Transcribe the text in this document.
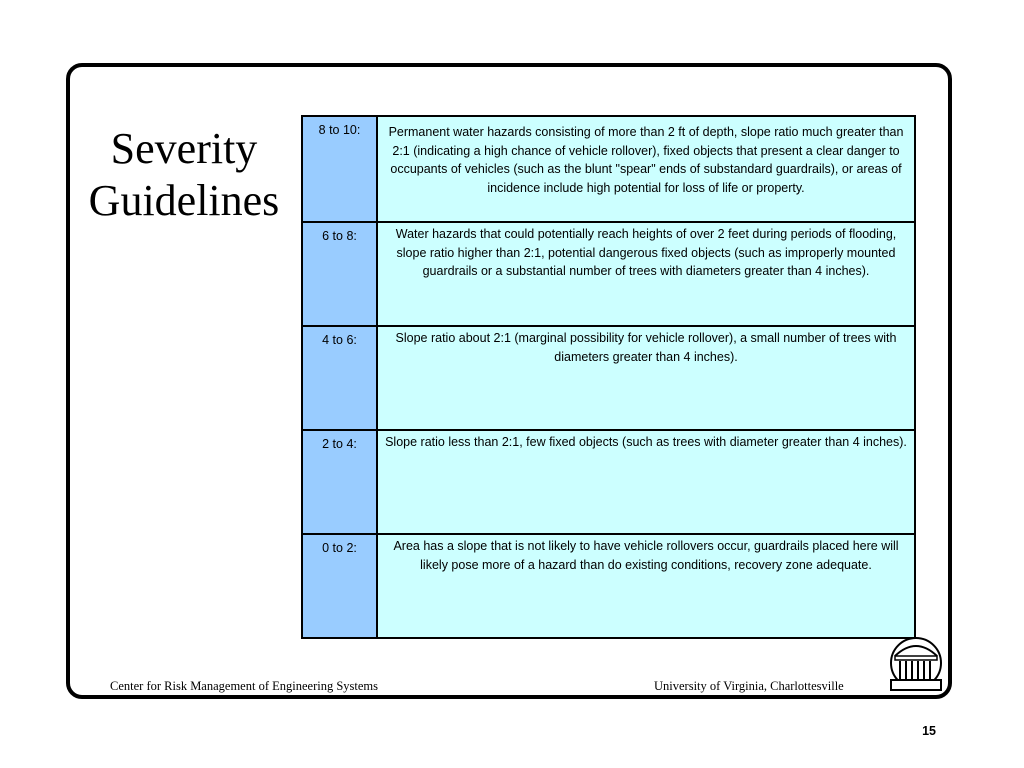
Severity
Guidelines
8 to 10:	Permanent water hazards consisting of more than 2 ft of depth, slope ratio much greater than 2:1 (indicating a high chance of vehicle rollover), fixed objects that present a clear danger to occupants of vehicles (such as the blunt "spear" ends of substandard guardrails), or areas of incidence include high potential for loss of life or property.
6 to 8:	Water hazards that could potentially reach heights of over 2 feet during periods of flooding, slope ratio higher than 2:1, potential dangerous fixed objects (such as improperly mounted guardrails or a substantial number of trees with diameters greater than 4 inches).
4 to 6:	Slope ratio about 2:1 (marginal possibility for vehicle rollover), a small number of trees with diameters greater than 4 inches).
2 to 4:	Slope ratio less than 2:1, few fixed objects (such as trees with diameter greater than 4 inches).
0 to 2:	Area has a slope that is not likely to have vehicle rollovers occur, guardrails placed here will likely pose more of a hazard than do existing conditions, recovery zone adequate.
Center for Risk Management of Engineering Systems	University of Virginia, Charlottesville
15
